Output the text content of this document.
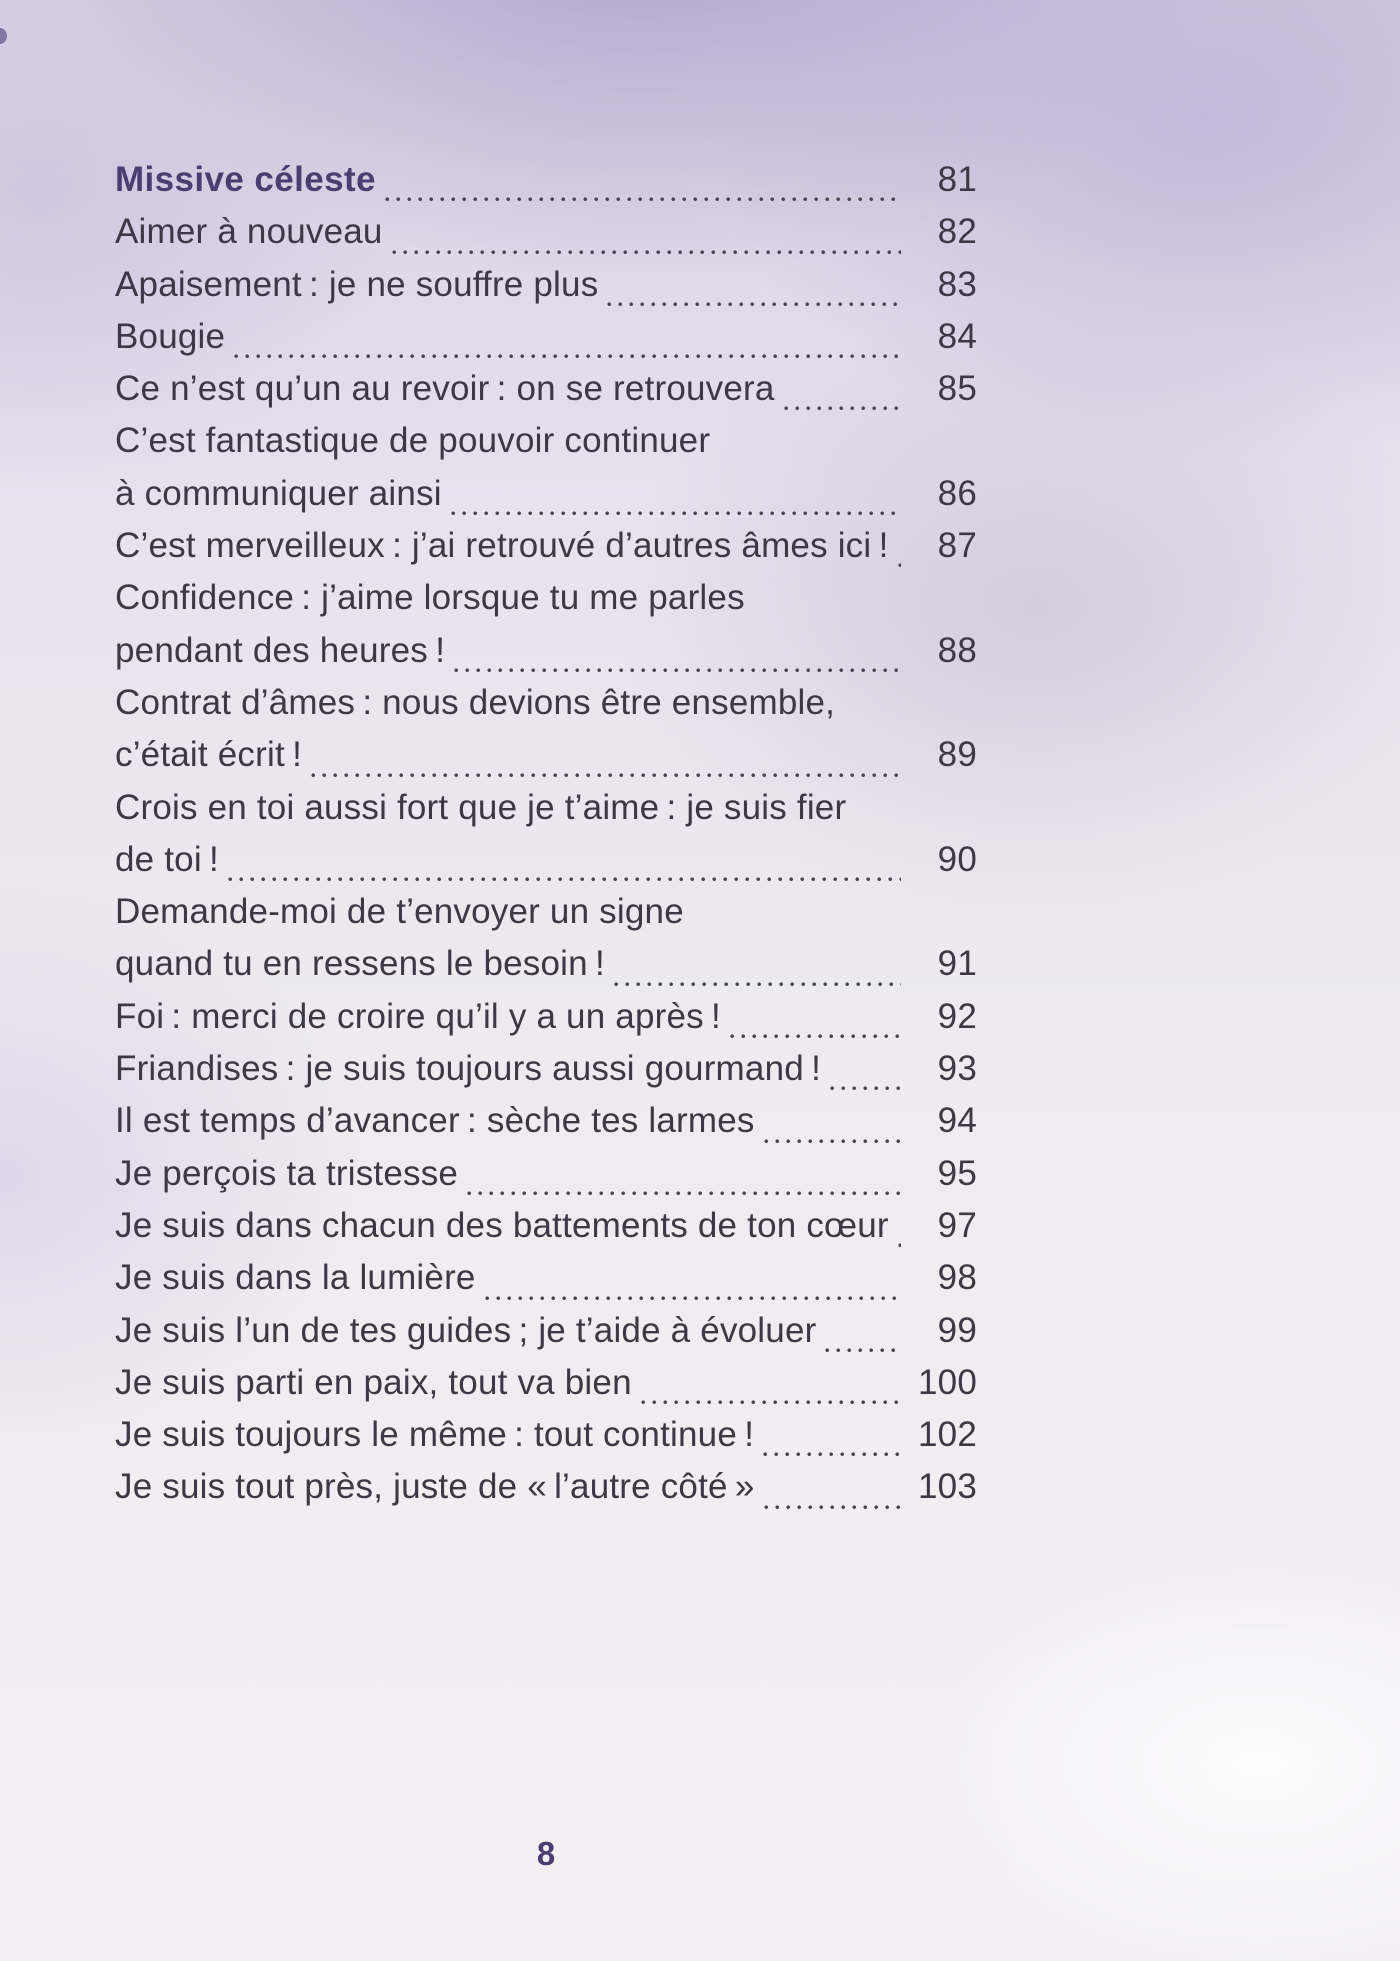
Missive céleste	81
Aimer à nouveau	82
Apaisement : je ne souffre plus	83
Bougie	84
Ce n’est qu’un au revoir : on se retrouvera	85
C’est fantastique de pouvoir continuer
à communiquer ainsi	86
C’est merveilleux : j’ai retrouvé d’autres âmes ici !	87
Confidence : j’aime lorsque tu me parles
pendant des heures !	88
Contrat d’âmes : nous devions être ensemble,
c’était écrit !	89
Crois en toi aussi fort que je t’aime : je suis fier
de toi !	90
Demande-moi de t’envoyer un signe
quand tu en ressens le besoin !	91
Foi : merci de croire qu’il y a un après !	92
Friandises : je suis toujours aussi gourmand !	93
Il est temps d’avancer : sèche tes larmes	94
Je perçois ta tristesse	95
Je suis dans chacun des battements de ton cœur	97
Je suis dans la lumière	98
Je suis l’un de tes guides ; je t’aide à évoluer	99
Je suis parti en paix, tout va bien	100
Je suis toujours le même : tout continue !	102
Je suis tout près, juste de « l’autre côté »	103
8
